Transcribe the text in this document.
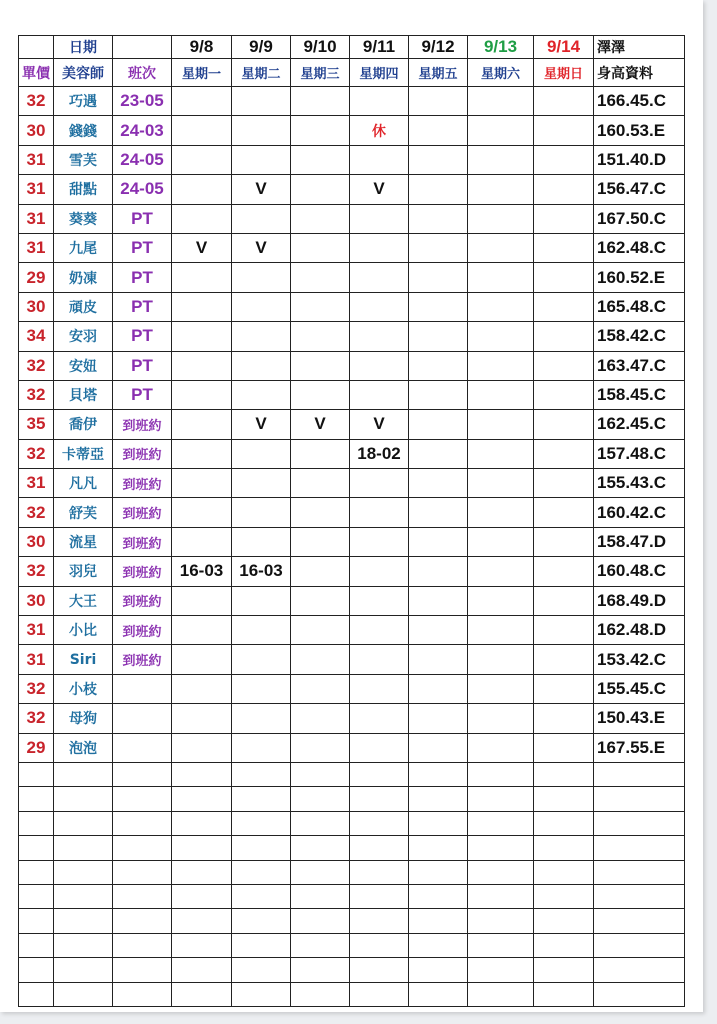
	日期		9/8	9/9	9/10	9/11	9/12	9/13	9/14	澤澤
單價	美容師	班次	星期一	星期二	星期三	星期四	星期五	星期六	星期日	身高資料
32	巧遇	23-05								166.45.C
30	錢錢	24-03				休				160.53.E
31	雪芙	24-05								151.40.D
31	甜點	24-05		V		V				156.47.C
31	葵葵	PT								167.50.C
31	九尾	PT	V	V						162.48.C
29	奶凍	PT								160.52.E
30	頑皮	PT								165.48.C
34	安羽	PT								158.42.C
32	安妞	PT								163.47.C
32	貝塔	PT								158.45.C
35	喬伊	到班約		V	V	V				162.45.C
32	卡蒂亞	到班約				18-02				157.48.C
31	凡凡	到班約								155.43.C
32	舒芙	到班約								160.42.C
30	流星	到班約								158.47.D
32	羽兒	到班約	16-03	16-03						160.48.C
30	大王	到班約								168.49.D
31	小比	到班約								162.48.D
31	Siri	到班約								153.42.C
32	小枝									155.45.C
32	母狗									150.43.E
29	泡泡									167.55.E
